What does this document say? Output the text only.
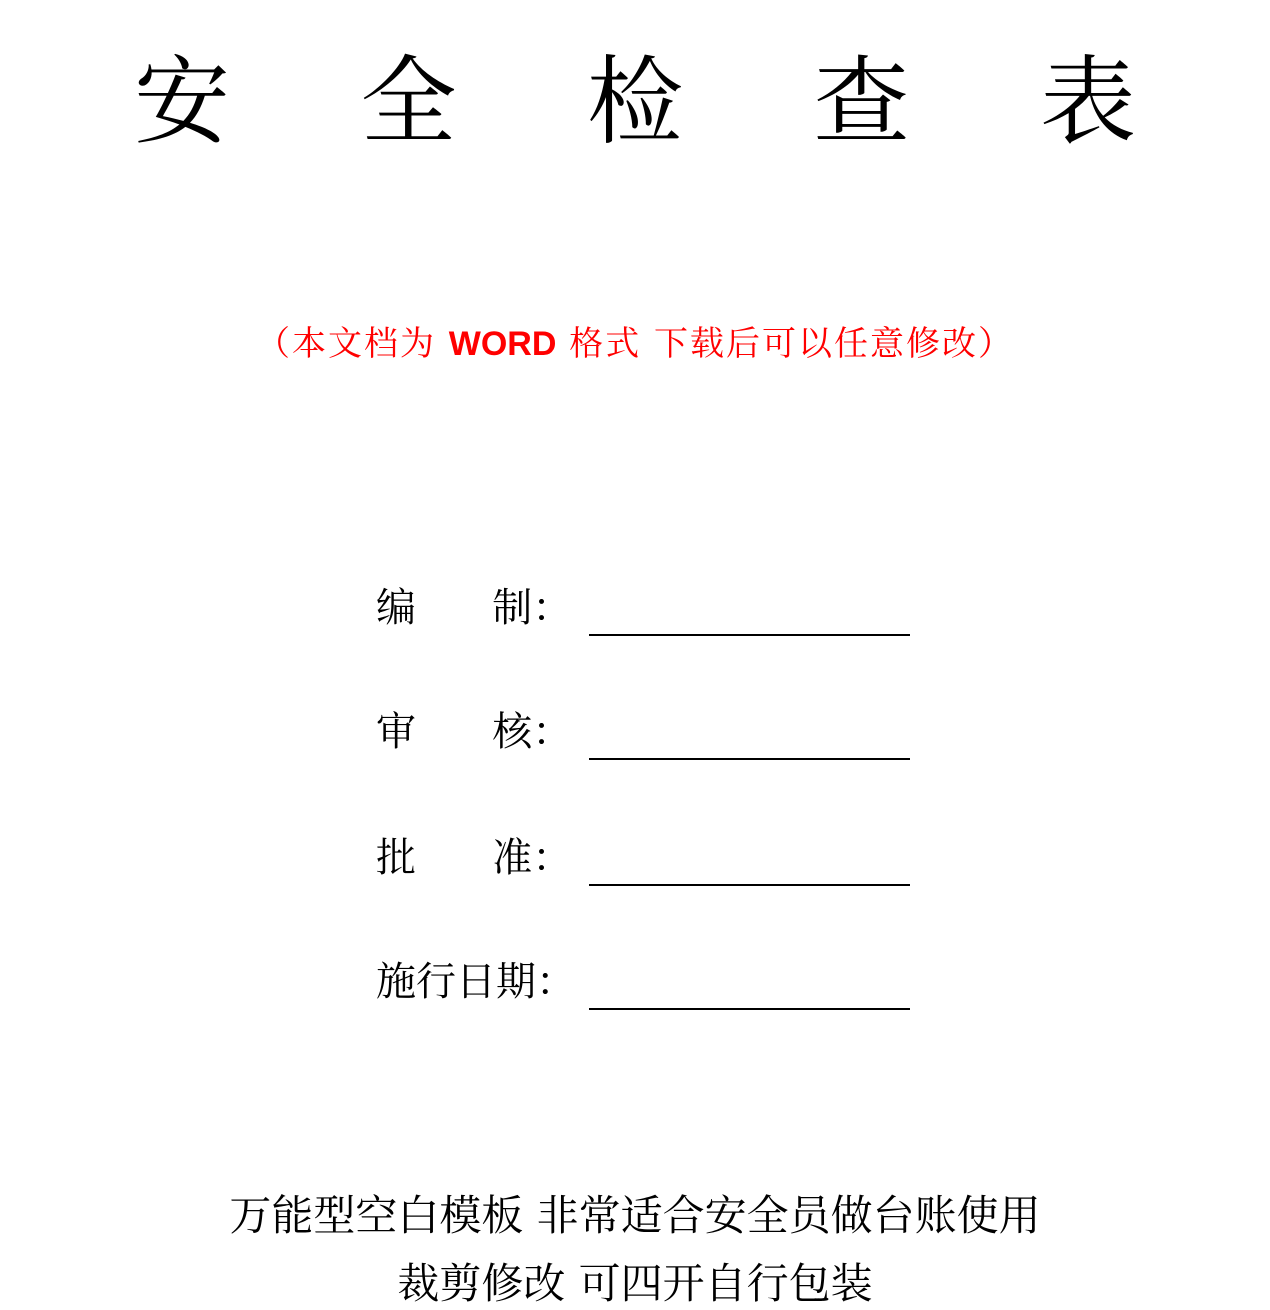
安 全 检 查 表
（本文档为 WORD 格式 下载后可以任意修改）
编      制：
审      核：
批      准：
施行日期：
万能型空白模板 非常适合安全员做台账使用
裁剪修改 可四开自行包装
